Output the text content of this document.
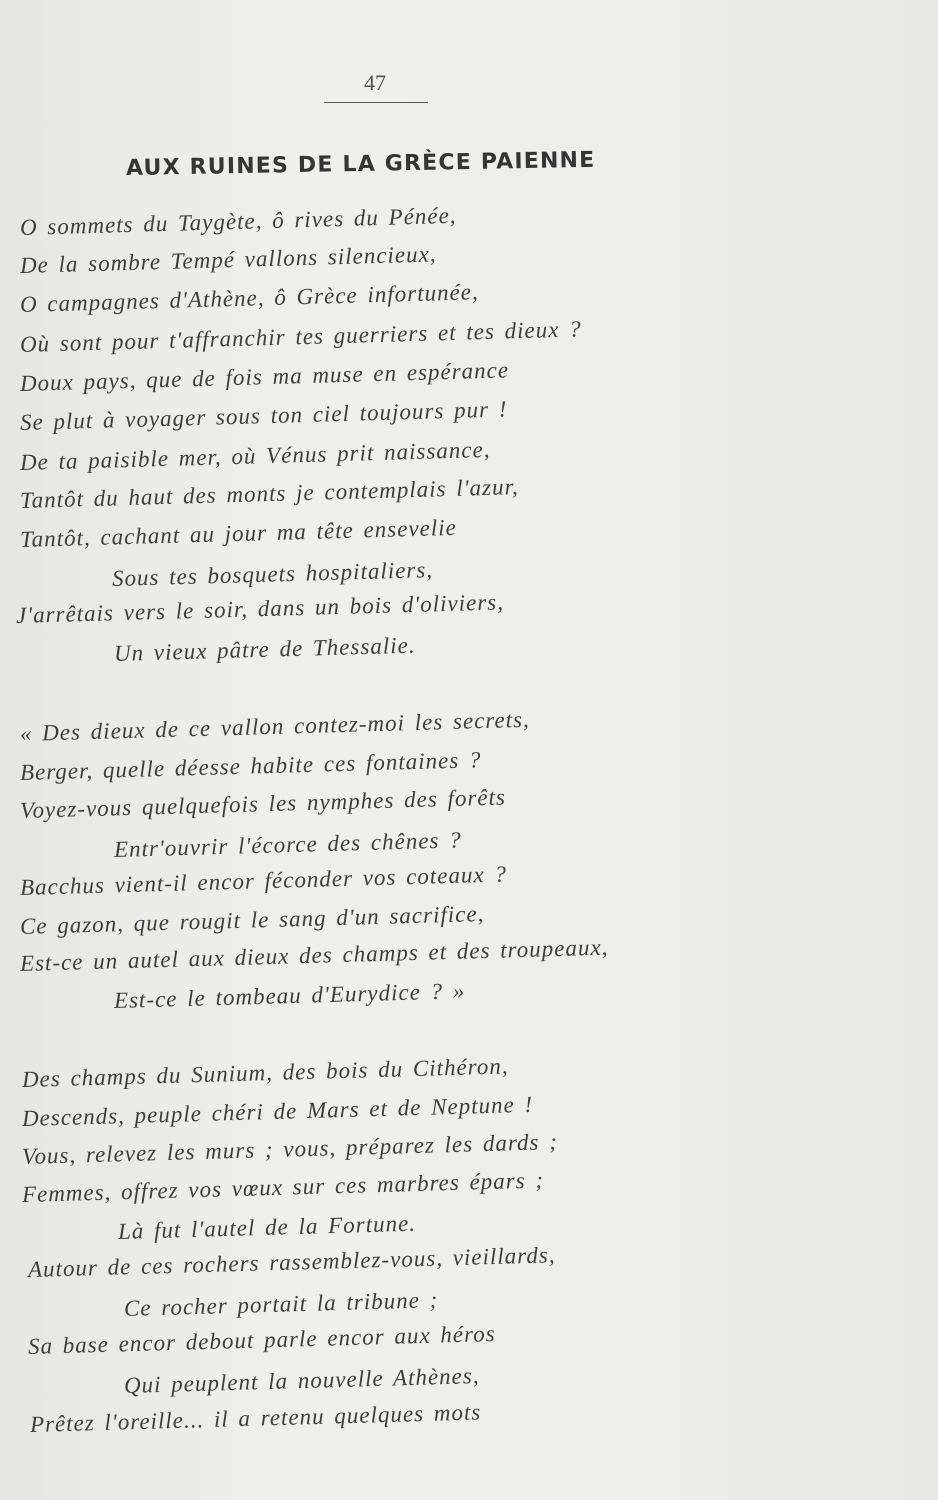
47
AUX RUINES DE LA GRÈCE PAIENNE
O sommets du Taygète, ô rives du Pénée,
De la sombre Tempé vallons silencieux,
O campagnes d'Athène, ô Grèce infortunée,
Où sont pour t'affranchir tes guerriers et tes dieux ?
Doux pays, que de fois ma muse en espérance
Se plut à voyager sous ton ciel toujours pur !
De ta paisible mer, où Vénus prit naissance,
Tantôt du haut des monts je contemplais l'azur,
Tantôt, cachant au jour ma tête ensevelie
Sous tes bosquets hospitaliers,
J'arrêtais vers le soir, dans un bois d'oliviers,
Un vieux pâtre de Thessalie.
« Des dieux de ce vallon contez-moi les secrets,
Berger, quelle déesse habite ces fontaines ?
Voyez-vous quelquefois les nymphes des forêts
Entr'ouvrir l'écorce des chênes ?
Bacchus vient-il encor féconder vos coteaux ?
Ce gazon, que rougit le sang d'un sacrifice,
Est-ce un autel aux dieux des champs et des troupeaux,
Est-ce le tombeau d'Eurydice ? »
Des champs du Sunium, des bois du Cithéron,
Descends, peuple chéri de Mars et de Neptune !
Vous, relevez les murs ; vous, préparez les dards ;
Femmes, offrez vos vœux sur ces marbres épars ;
Là fut l'autel de la Fortune.
Autour de ces rochers rassemblez-vous, vieillards,
Ce rocher portait la tribune ;
Sa base encor debout parle encor aux héros
Qui peuplent la nouvelle Athènes,
Prêtez l'oreille... il a retenu quelques mots
